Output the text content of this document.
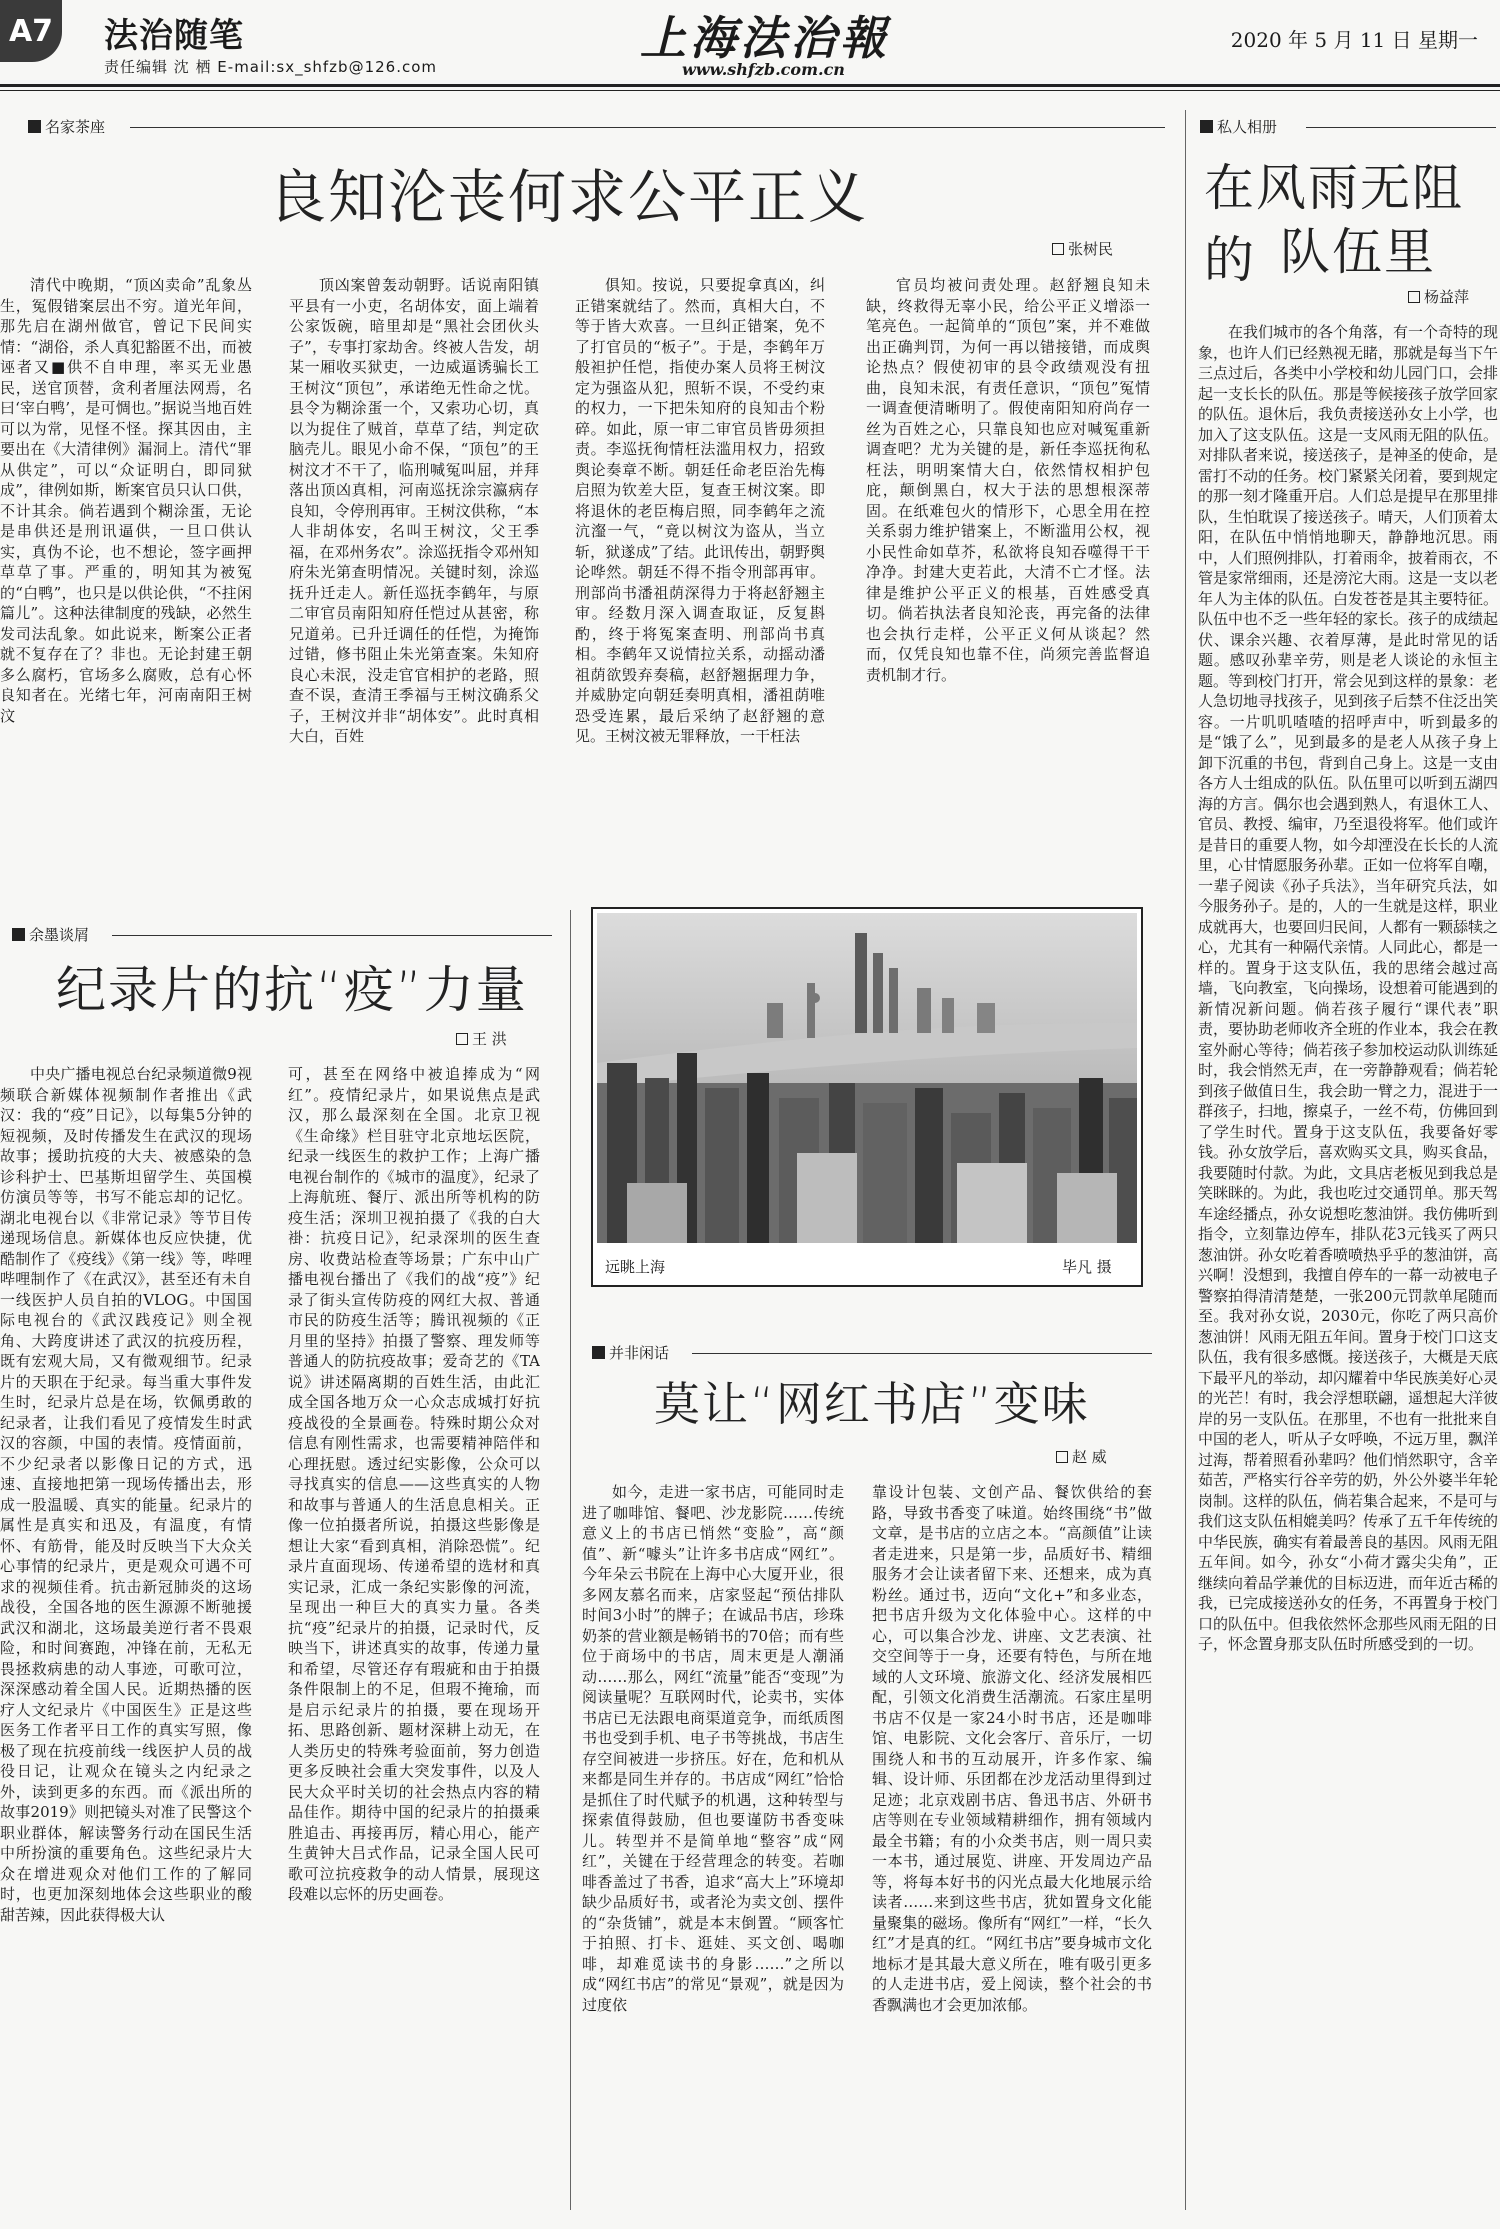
A7 法治随笔
责任编辑 沈 栖 E-mail:sx_shfzb@126.com
上海法治報
www.shfzb.com.cn
2020 年 5 月 11 日 星期一
名家茶座
良知沦丧何求公平正义
张树民
清代中晚期，“顶凶卖命”乱象丛生，冤假错案层出不穷。道光年间，那先启在湖州做官，曾记下民间实情：“湖俗，杀人真犯豁匿不出，而被诬者又■供不自申理，率买无业愚民，送官顶替，贪利者厘法网焉，名曰‘宰白鸭’，是可惆也。”据说当地百姓可以为常，见怪不怪。探其因由，主要出在《大清律例》漏洞上。清代“罪从供定”，可以“众证明白，即同狱成”，律例如斯，断案官员只认口供，不计其余。倘若遇到个糊涂蛋，无论是串供还是刑讯逼供，一旦口供认实，真伪不论，也不想论，签字画押草草了事。严重的，明知其为被冤的“白鸭”，也只是以供论供，“不拄闲篇儿”。这种法律制度的残缺，必然生发司法乱象。如此说来，断案公正者就不复存在了？非也。无论封建王朝多么腐朽，官场多么腐败，总有心怀良知者在。光绪七年，河南南阳王树汶
顶凶案曾轰动朝野。话说南阳镇平县有一小吏，名胡体安，面上端着公家饭碗，暗里却是“黑社会团伙头子”，专事打家劫舍。终被人告发，胡某一厢收买狱吏，一边威逼诱骗长工王树汶“顶包”，承诺绝无性命之忧。县令为糊涂蛋一个，又索功心切，真以为捉住了贼首，草草了结，判定砍脑壳儿。眼见小命不保，“顶包”的王树汶才不干了，临刑喊冤叫屈，并拜落出顶凶真相，河南巡抚涂宗瀛病存良知，令停刑再审。王树汶供称，“本人非胡体安，名叫王树汶，父王季福，在邓州务农”。涂巡抚指令邓州知府朱光第查明情况。关键时刻，涂巡抚升迁走人。新任巡抚李鹤年，与原二审官员南阳知府任恺过从甚密，称兄道弟。已升迁调任的任恺，为掩饰过错，修书阻止朱光第查案。朱知府良心未泯，没走官官相护的老路，照查不误，查清王季福与王树汶确系父子，王树汶并非“胡体安”。此时真相大白，百姓
俱知。按说，只要捉拿真凶，纠正错案就结了。然而，真相大白，不等于皆大欢喜。一旦纠正错案，免不了打官员的“板子”。于是，李鹤年万般袒护任恺，指使办案人员将王树汶定为强盗从犯，照斩不误，不受约束的权力，一下把朱知府的良知击个粉碎。如此，原一审二审官员皆毋须担责。李巡抚徇情枉法滥用权力，招致舆论奏章不断。朝廷任命老臣治先梅启照为钦差大臣，复查王树汶案。即将退休的老臣梅启照，同李鹤年之流沆瀣一气，“竟以树汶为盗从，当立斩，狱遂成”了结。此讯传出，朝野舆论哗然。朝廷不得不指令刑部再审。刑部尚书潘祖荫深得力于将赵舒翘主审。经数月深入调查取证，反复斟酌，终于将冤案查明、刑部尚书真相。李鹤年又说情拉关系，动摇动潘祖荫欲毁弃奏稿，赵舒翘据理力争，并威胁定向朝廷奏明真相，潘祖荫唯恐受连累，最后采纳了赵舒翘的意见。王树汶被无罪释放，一干枉法
官员均被问责处理。赵舒翘良知未缺，终救得无辜小民，给公平正义增添一笔亮色。一起简单的“顶包”案，并不难做出正确判罚，为何一再以错接错，而成舆论热点？假使初审的县令政绩观没有扭曲，良知未泯，有责任意识，“顶包”冤情一调查便清晰明了。假使南阳知府尚存一丝为百姓之心，只靠良知也应对喊冤重新调查吧？尤为关键的是，新任李巡抚徇私枉法，明明案情大白，依然情权相护包庇，颠倒黑白，权大于法的思想根深蒂固。在纸难包火的情形下，心思全用在控关系弱力维护错案上，不断滥用公权，视小民性命如草芥，私欲将良知吞噬得干干净净。封建大吏若此，大清不亡才怪。法律是维护公平正义的根基，百姓感受真切。倘若执法者良知沦丧，再完备的法律也会执行走样，公平正义何从谈起？然而，仅凭良知也靠不住，尚须完善监督追责机制才行。
余墨谈屑
纪录片的抗“疫”力量
王 洪
中央广播电视总台纪录频道微9视频联合新媒体视频制作者推出《武汉：我的“疫”日记》，以每集5分钟的短视频，及时传播发生在武汉的现场故事；援助抗疫的大夫、被感染的急诊科护士、巴基斯坦留学生、英国模仿演员等等，书写不能忘却的记忆。湖北电视台以《非常记录》等节目传递现场信息。新媒体也反应快捷，优酷制作了《疫线》《第一线》等，哔哩哔哩制作了《在武汉》，甚至还有未自一线医护人员自拍的VLOG。中国国际电视台的《武汉践疫记》则全视角、大跨度讲述了武汉的抗疫历程，既有宏观大局，又有微观细节。纪录片的天职在于纪录。每当重大事件发生时，纪录片总是在场，钦佩勇敢的纪录者，让我们看见了疫情发生时武汉的容颜，中国的表情。疫情面前，不少纪录者以影像日记的方式，迅速、直接地把第一现场传播出去，形成一股温暖、真实的能量。纪录片的属性是真实和迅及，有温度，有情怀、有筋骨，能及时反映当下大众关心事情的纪录片，更是观众可遇不可求的视频佳肴。抗击新冠肺炎的这场战役，全国各地的医生源源不断驰援武汉和湖北，这场最美逆行者不畏艰险，和时间赛跑，冲锋在前，无私无畏拯救病患的动人事迹，可歌可泣，深深感动着全国人民。近期热播的医疗人文纪录片《中国医生》正是这些医务工作者平日工作的真实写照，像极了现在抗疫前线一线医护人员的战役日记，让观众在镜头之内纪录之外，读到更多的东西。而《派出所的故事2019》则把镜头对准了民警这个职业群体，解读警务行动在国民生活中所扮演的重要角色。这些纪录片大众在增进观众对他们工作的了解同时，也更加深刻地体会这些职业的酸甜苦辣，因此获得极大认
可，甚至在网络中被追捧成为“网红”。疫情纪录片，如果说焦点是武汉，那么最深刻在全国。北京卫视《生命缘》栏目驻守北京地坛医院，纪录一线医生的救护工作；上海广播电视台制作的《城市的温度》，纪录了上海航班、餐厅、派出所等机构的防疫生活；深圳卫视拍摄了《我的白大褂：抗疫日记》，纪录深圳的医生查房、收费站检查等场景；广东中山广播电视台播出了《我们的战“疫”》纪录了街头宣传防疫的网红大叔、普通市民的防疫生活等；腾讯视频的《正月里的坚持》拍摄了警察、理发师等普通人的防抗疫故事；爱奇艺的《TA说》讲述隔离期的百姓生活，由此汇成全国各地万众一心众志成城打好抗疫战役的全景画卷。特殊时期公众对信息有刚性需求，也需要精神陪伴和心理抚慰。透过纪实影像，公众可以寻找真实的信息——这些真实的人物和故事与普通人的生活息息相关。正像一位拍摄者所说，拍摄这些影像是想让大家“看到真相，消除恐慌”。纪录片直面现场、传递希望的选材和真实记录，汇成一条纪实影像的河流，呈现出一种巨大的真实力量。各类抗“疫”纪录片的拍摄，记录时代，反映当下，讲述真实的故事，传递力量和希望，尽管还存有瑕疵和由于拍摄条件限制上的不足，但瑕不掩瑜，而是启示纪录片的拍摄，要在现场开拓、思路创新、题材深耕上动无，在人类历史的特殊考验面前，努力创造更多反映社会重大突发事件，以及人民大众平时关切的社会热点内容的精品佳作。期待中国的纪录片的拍摄乘胜追击、再接再厉，精心用心，能产生黄钟大吕式作品，记录全国人民可歌可泣抗疫救争的动人情景，展现这段难以忘怀的历史画卷。
远眺上海	毕凡 摄
并非闲话
莫让“网红书店”变味
赵 威
如今，走进一家书店，可能同时走进了咖啡馆、餐吧、沙龙影院……传统意义上的书店已悄然“变脸”，高“颜值”、新“噱头”让许多书店成“网红”。今年朵云书院在上海中心大厦开业，很多网友慕名而来，店家竖起“预估排队时间3小时”的牌子；在诚品书店，珍珠奶茶的营业额是畅销书的70倍；而有些位于商场中的书店，周末更是人潮涌动……那么，网红“流量”能否“变现”为阅读量呢？互联网时代，论卖书，实体书店已无法跟电商渠道竞争，而纸质图书也受到手机、电子书等挑战，书店生存空间被进一步挤压。好在，危和机从来都是同生并存的。书店成“网红”恰恰是抓住了时代赋予的机遇，这种转型与探索值得鼓励，但也要谨防书香变味儿。转型并不是简单地“整容”成“网红”，关键在于经营理念的转变。若咖啡香盖过了书香，追求“高大上”环境却缺少品质好书，或者沦为卖文创、摆件的“杂货铺”，就是本末倒置。“顾客忙于拍照、打卡、逛娃、买文创、喝咖啡，却难觅读书的身影……”之所以成“网红书店”的常见“景观”，就是因为过度依
靠设计包装、文创产品、餐饮供给的套路，导致书香变了味道。始终围绕“书”做文章，是书店的立店之本。“高颜值”让读者走进来，只是第一步，品质好书、精细服务才会让读者留下来、还想来，成为真粉丝。通过书，迈向“文化+”和多业态，把书店升级为文化体验中心。这样的中心，可以集合沙龙、讲座、文艺表演、社交空间等于一身，还要有特色，与所在地域的人文环境、旅游文化、经济发展相匹配，引领文化消费生活潮流。石家庄星明书店不仅是一家24小时书店，还是咖啡馆、电影院、文化会客厅、音乐厅，一切围绕人和书的互动展开，许多作家、编辑、设计师、乐团都在沙龙活动里得到过足迹；北京戏剧书店、鲁迅书店、外研书店等则在专业领域精耕细作，拥有领域内最全书籍；有的小众类书店，则一周只卖一本书，通过展览、讲座、开发周边产品等，将每本好书的闪光点最大化地展示给读者……来到这些书店，犹如置身文化能量聚集的磁场。像所有“网红”一样，“长久红”才是真的红。“网红书店”要身城市文化地标才是其最大意义所在，唯有吸引更多的人走进书店，爱上阅读，整个社会的书香飘满也才会更加浓郁。
私人相册
在风雨无阻的 队伍里
杨益萍
在我们城市的各个角落，有一个奇特的现象，也许人们已经熟视无睹，那就是每当下午三点过后，各类中小学校和幼儿园门口，会排起一支长长的队伍。那是等候接孩子放学回家的队伍。退休后，我负责接送孙女上小学，也加入了这支队伍。这是一支风雨无阻的队伍。对排队者来说，接送孩子，是神圣的使命，是雷打不动的任务。校门紧紧关闭着，要到规定的那一刻才隆重开启。人们总是提早在那里排队，生怕耽误了接送孩子。晴天，人们顶着太阳，在队伍中悄悄地聊天，静静地沉思。雨中，人们照例排队，打着雨伞，披着雨衣，不管是家常细雨，还是滂沱大雨。这是一支以老年人为主体的队伍。白发苍苍是其主要特征。队伍中也不乏一些年轻的家长。孩子的成绩起伏、课余兴趣、衣着厚薄，是此时常见的话题。感叹孙辈辛劳，则是老人谈论的永恒主题。等到校门打开，常会见到这样的景象：老人急切地寻找孩子，见到孩子后禁不住泛出笑容。一片叽叽喳喳的招呼声中，听到最多的是“饿了么”，见到最多的是老人从孩子身上卸下沉重的书包，背到自己身上。这是一支由各方人士组成的队伍。队伍里可以听到五湖四海的方言。偶尔也会遇到熟人，有退休工人、官员、教授、编审，乃至退役将军。他们或许是昔日的重要人物，如今却湮没在长长的人流里，心甘情愿服务孙辈。正如一位将军自嘲，一辈子阅读《孙子兵法》，当年研究兵法，如今服务孙子。是的，人的一生就是这样，职业成就再大，也要回归民间，人都有一颗舔犊之心，尤其有一种隔代亲情。人同此心，都是一样的。置身于这支队伍，我的思绪会越过高墙，飞向教室，飞向操场，设想着可能遇到的新情况新问题。倘若孩子履行“课代表”职责，要协助老师收齐全班的作业本，我会在教室外耐心等待；倘若孩子参加校运动队训练延时，我会悄然无声，在一旁静静观看；倘若轮到孩子做值日生，我会助一臂之力，混进于一群孩子，扫地，擦桌子，一丝不苟，仿佛回到了学生时代。置身于这支队伍，我要备好零钱。孙女放学后，喜欢购买文具，购买食品，我要随时付款。为此，文具店老板见到我总是笑眯眯的。为此，我也吃过交通罚单。那天驾车途经播点，孙女说想吃葱油饼。我仿佛听到指令，立刻靠边停车，排队花3元钱买了两只葱油饼。孙女吃着香喷喷热乎乎的葱油饼，高兴啊！没想到，我擅自停车的一幕一动被电子警察拍得清清楚楚，一张200元罚款单尾随而至。我对孙女说，2030元，你吃了两只高价葱油饼！风雨无阻五年间。置身于校门口这支队伍，我有很多感慨。接送孩子，大概是天底下最平凡的举动，却闪耀着中华民族美好心灵的光芒！有时，我会浮想联翩，遥想起大洋彼岸的另一支队伍。在那里，不也有一批批来自中国的老人，听从子女呼唤，不远万里，飘洋过海，帮着照看孙辈吗？他们悄然职守，含辛茹苦，严格实行谷辛劳的奶，外公外婆半年轮岗制。这样的队伍，倘若集合起来，不是可与我们这支队伍相媲美吗？传承了五千年传统的中华民族，确实有着最善良的基因。风雨无阻五年间。如今，孙女“小荷才露尖尖角”，正继续向着品学兼优的目标迈进，而年近古稀的我，已完成接送孙女的任务，不再置身于校门口的队伍中。但我依然怀念那些风雨无阻的日子，怀念置身那支队伍时所感受到的一切。
